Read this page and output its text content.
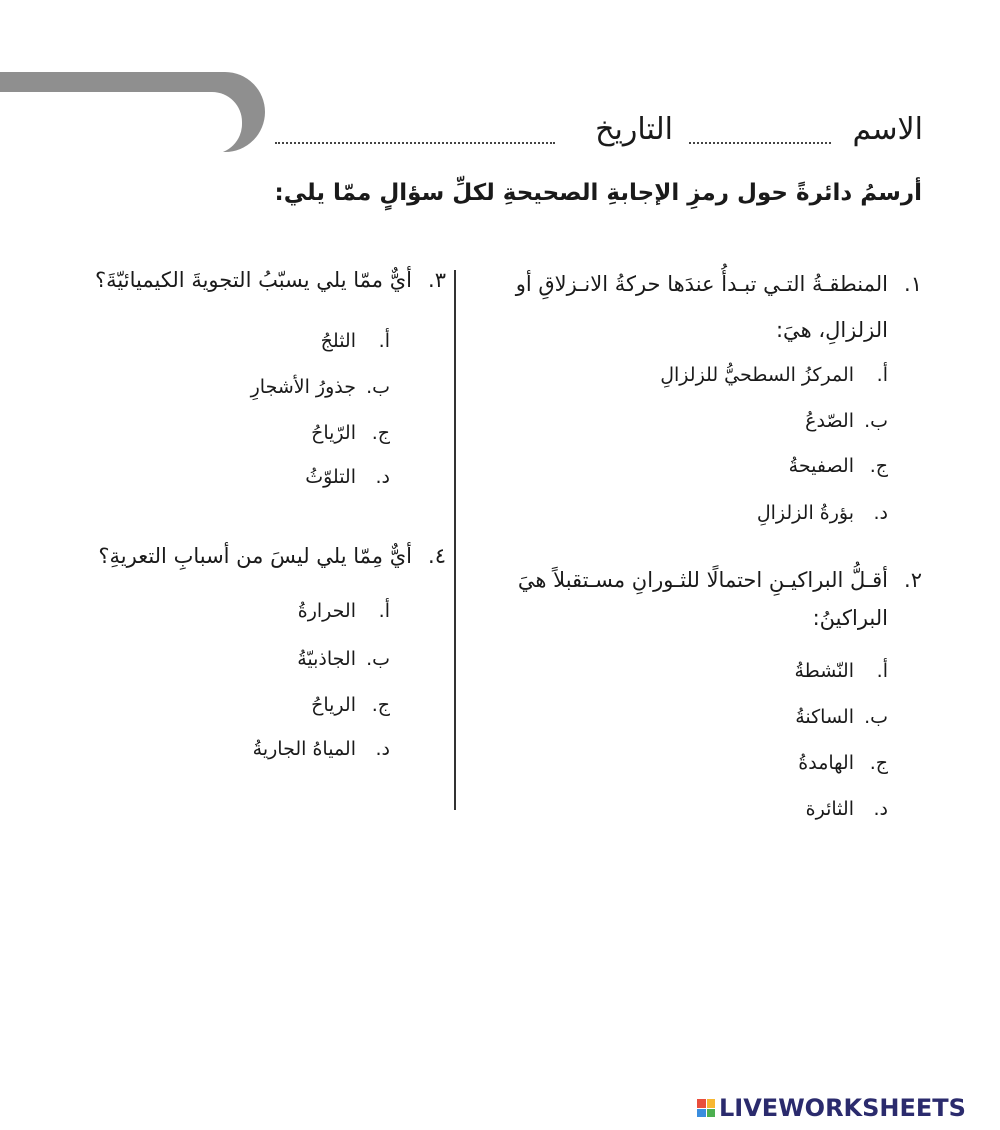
الاسم
التاريخ
أرسمُ دائرةً حول رمزِ الإجابةِ الصحيحةِ لكلِّ سؤالٍ ممّا يلي:
١.المنطقـةُ التـي تبـدأُ عندَها حركةُ الانـزلاقِ أو
الزلزالِ، هيَ:
أ.المركزُ السطحيُّ للزلزالِ
ب.الصّدعُ
ج.الصفيحةُ
د.بؤرةُ الزلزالِ
٢.أقـلُّ البراكيـنِ احتمالًا للثـورانِ مسـتقبلاً هيَ
البراكينُ:
أ.النّشطةُ
ب.الساكنةُ
ج.الهامدةُ
د.الثائرة
٣.أيٌّ ممّا يلي يسبّبُ التجويةَ الكيميائيّةَ؟
أ.الثلجُ
ب.جذورُ الأشجارِ
ج.الرّياحُ
د.التلوّثُ
٤.أيٌّ مِمّا يلي ليسَ من أسبابِ التعريةِ؟
أ.الحرارةُ
ب.الجاذبيّةُ
ج.الرياحُ
د.المياهُ الجاريةُ
LIVEWORKSHEETS
